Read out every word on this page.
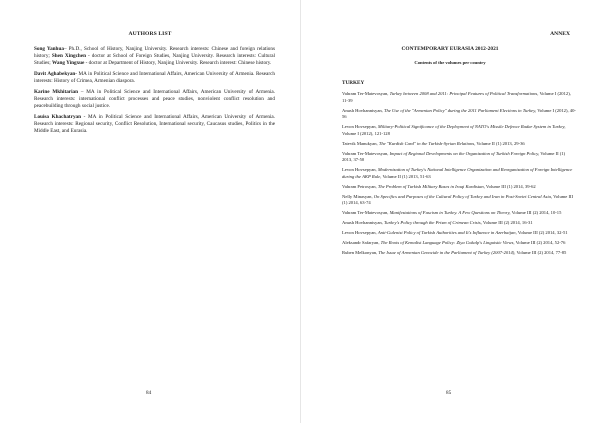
AUTHORS LIST

Song Yanhua– Ph.D., School of History, Nanjing University. Research interests: Chinese and foreign relations history; Shen Xingchen - doctor at School of Foreign Studies, Nanjing University. Research interests: Cultural Studies; Wang Yingxue - doctor at Department of History, Nanjing University. Research interest: Chinese history.

Davit Aghabekyan- MA in Political Science and International Affairs, American University of Armenia. Research interests: History of Crimea, Armenian diaspora.

Karine Mkhitarian – MA in Political Science and International Affairs, American University of Armenia. Research interests: international conflict processes and peace studies, nonviolent conflict resolution and peacebuilding through social justice.

Louisa Khachatryan - MA in Political Science and International Affairs, American University of Armenia. Research interests: Regional security, Conflict Resolution, International security, Caucasus studies, Politics in the Middle East, and Eurasia.

84
ANNEX
CONTEMPORARY EURASIA 2012-2021
Contents of the volumes per country
TURKEY

Vahram Ter-Matevosyan, Turkey between 2008 and 2011: Principal Features of Political Transformations, Volume I (2012), 11-39

Anush Hovhannisyan, The Use of the "Armenian Policy" during the 2011 Parliament Elections in Turkey, Volume I (2012), 40-56

Levon Hovsepyan, Military-Political Significance of the Deployment of NATO's Missile Defence Radar System in Turkey, Volume I (2012), 121-128

Tatevik Manukyan, The "Kurdish Card" in the Turkish-Syrian Relations, Volume II (1) 2013, 29-36

Vahram Ter-Matevosyan, Impact of Regional Developments on the Organization of Turkish Foreign Policy, Volume II (1) 2013, 37-50

Levon Hovsepyan, Modernization of Turkey's National Intelligence Organization and Reorganization of Foreign Intelligence during the AKP Rule, Volume II (1) 2013, 51-63

Vahram Petrosyan, The Problem of Turkish Military Bases in Iraqi Kurdistan, Volume III (1) 2014, 39-62

Nelly Minasyan, On Specifics and Purposes of the Cultural Policy of Turkey and Iran in Post-Soviet Central Asia, Volume III (1) 2014, 63-74

Vahram Ter-Matevosyan, Manifestations of Fascism in Turkey. A Few Questions on Theory, Volume III (2) 2014, 10-15

Anush Hovhannisyan, Turkey's Policy through the Prism of Crimean Crisis, Volume III (2) 2014, 16-31

Levon Hovsepyan, Anti-Gulenist Policy of Turkish Authorities and It's Influence in Azerbaijan, Volume III (2) 2014, 32-51

Aleksandr Safaryan, The Roots of Kemalist Language Policy: Ziya Gokalp's Linguistic Views, Volume III (2) 2014, 52-76

Ruben Melkonyan, The Issue of Armenian Genocide in the Parliament of Turkey (2007-2014), Volume III (2) 2014, 77-85

85
